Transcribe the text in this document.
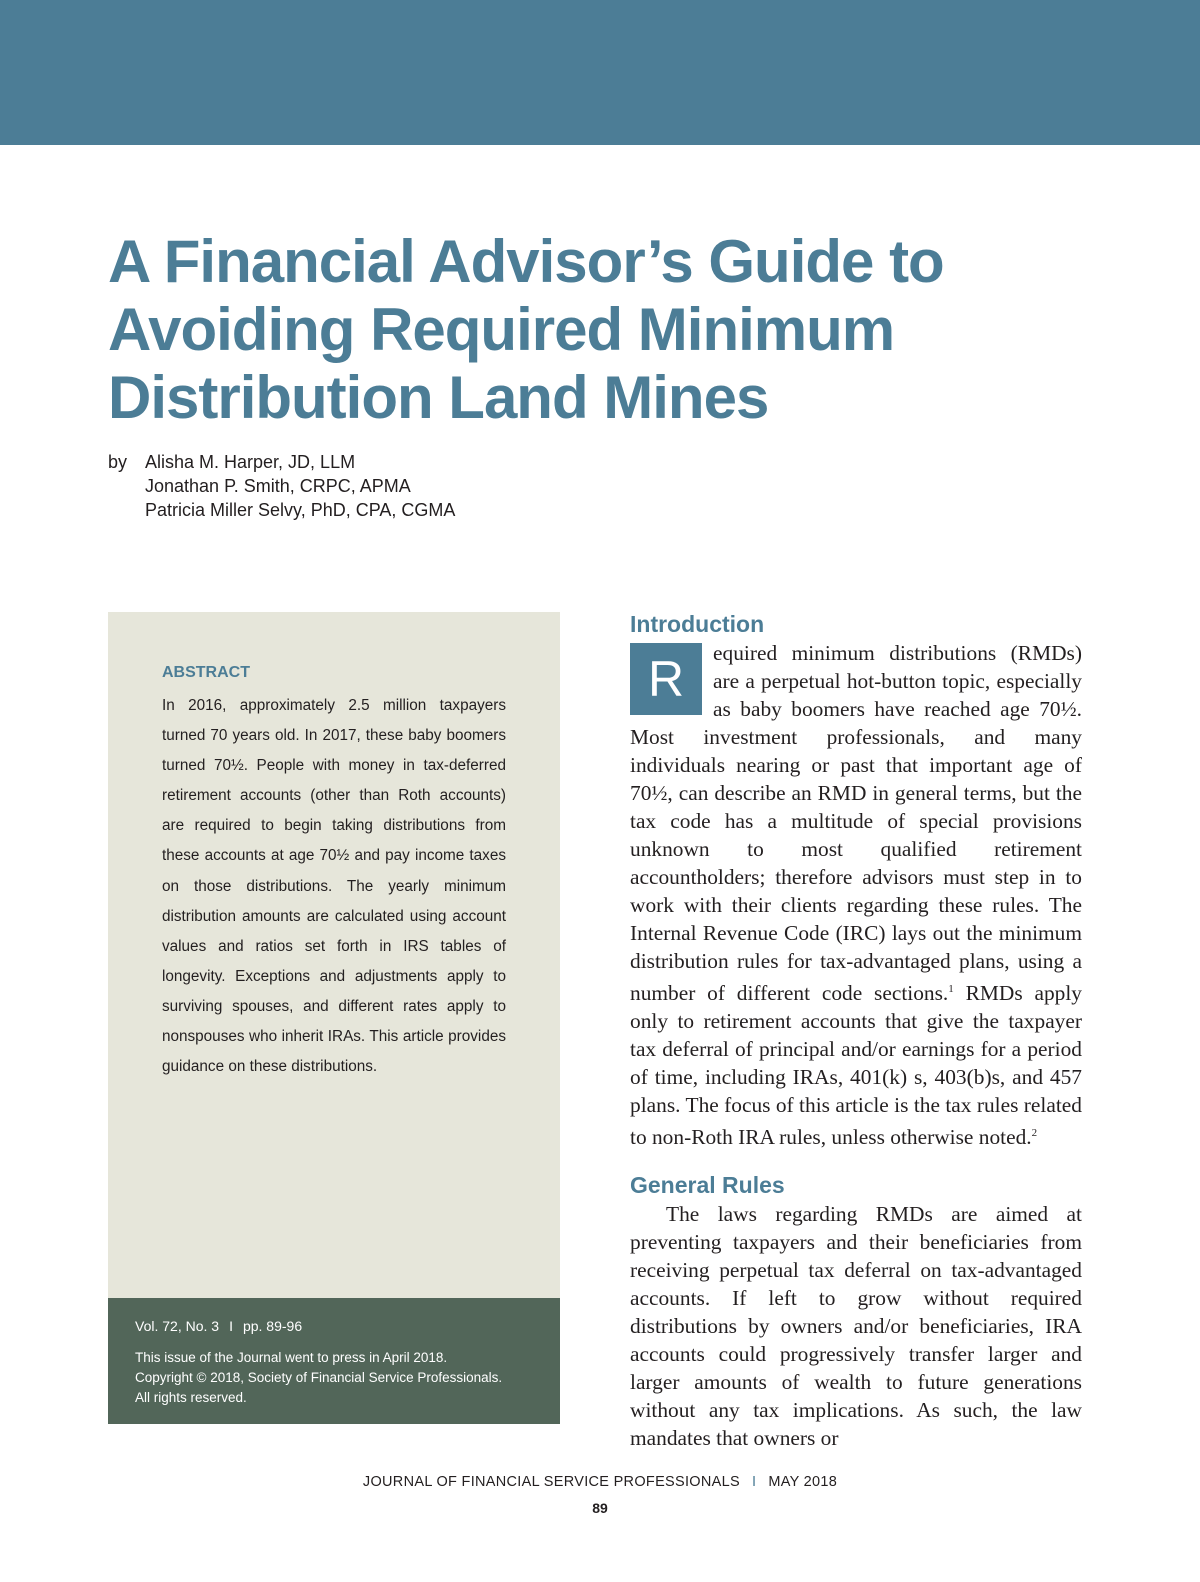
A Financial Advisor’s Guide to Avoiding Required Minimum Distribution Land Mines
by Alisha M. Harper, JD, LLM
Jonathan P. Smith, CRPC, APMA
Patricia Miller Selvy, PhD, CPA, CGMA
ABSTRACT

In 2016, approximately 2.5 million taxpayers turned 70 years old. In 2017, these baby boomers turned 70½. People with money in tax-deferred retirement accounts (other than Roth accounts) are required to begin taking distributions from these accounts at age 70½ and pay income taxes on those distributions. The yearly minimum distribution amounts are calculated using account values and ratios set forth in IRS tables of longevity. Exceptions and adjustments apply to surviving spouses, and different rates apply to nonspouses who inherit IRAs. This article provides guidance on these distributions.

Vol. 72, No. 3 I pp. 89-96
This issue of the Journal went to press in April 2018.
Copyright © 2018, Society of Financial Service Professionals.
All rights reserved.
Introduction

R	equired minimum distributions (RMDs) are a perpetual hot-button topic, especially as baby boomers have reached age 70½. Most investment professionals, and many individuals nearing or past that important age of 70½, can describe an RMD in general terms, but the tax code has a multitude of special provisions unknown to most qualified retirement accountholders; therefore advisors must step in to work with their clients regarding these rules. The Internal Revenue Code (IRC) lays out the minimum distribution rules for tax-advantaged plans, using a number of different code sections.$^1$ RMDs apply only to retirement accounts that give the taxpayer tax deferral of principal and/or earnings for a period of time, including IRAs, 401(k) s, 403(b)s, and 457 plans. The focus of this article is the tax rules related to non-Roth IRA rules, unless otherwise noted.$^2$

General Rules

The laws regarding RMDs are aimed at preventing taxpayers and their beneficiaries from receiving perpetual tax deferral on tax-advantaged accounts. If left to grow without required distributions by owners and/or beneficiaries, IRA accounts could progressively transfer larger and larger amounts of wealth to future generations without any tax implications. As such, the law mandates that owners or

JOURNAL OF FINANCIAL SERVICE PROFESSIONALS I MAY 2018
89
